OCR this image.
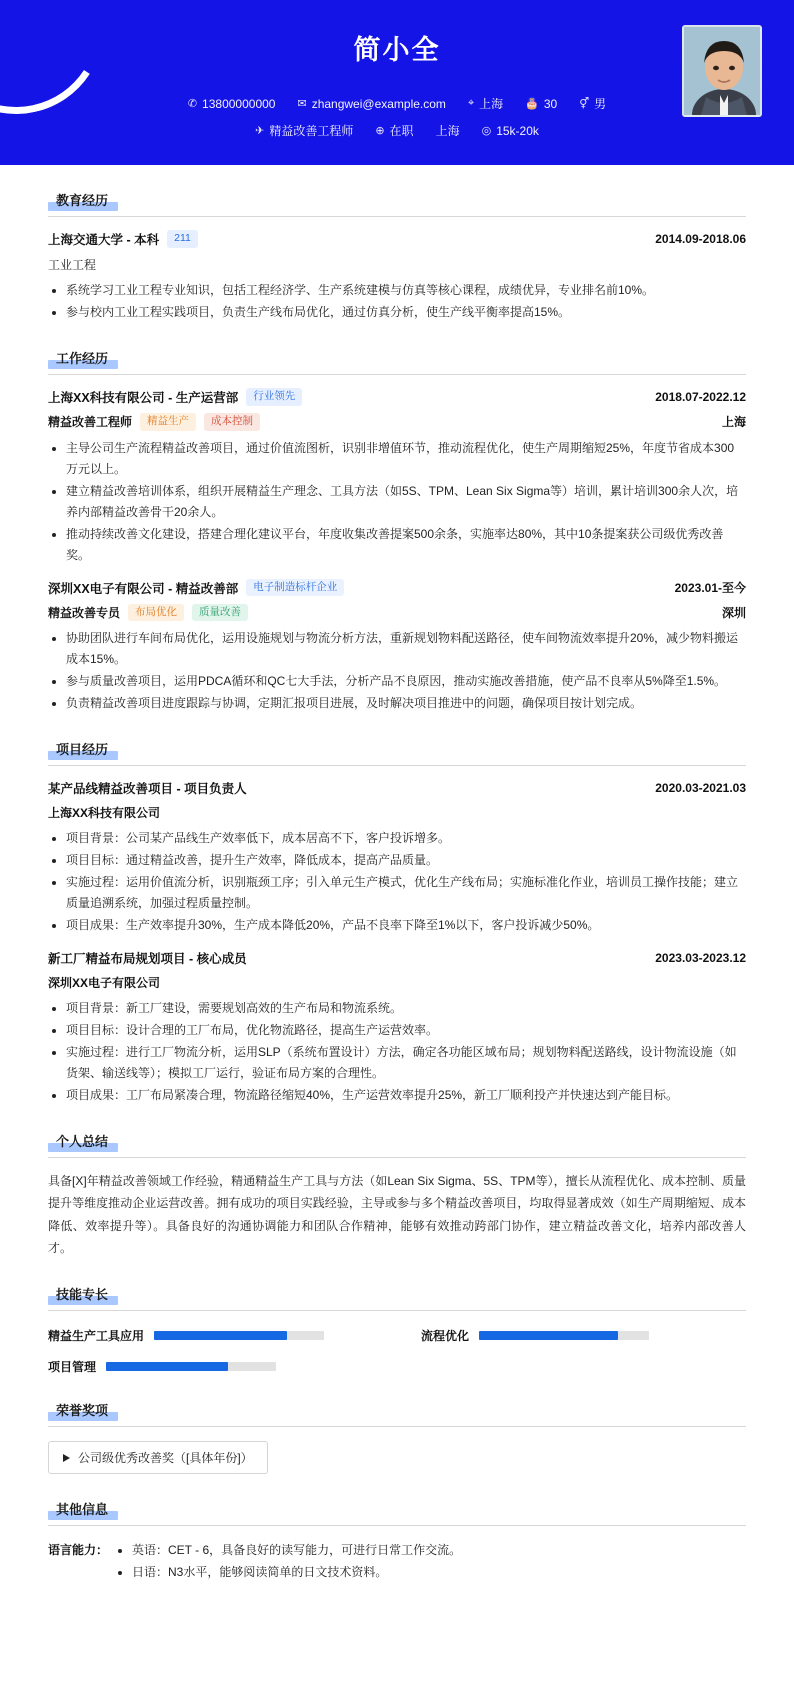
简小全
✆ 13800000000 ✉ zhangwei@example.com ⌖ 上海 🎂 30 ⚥ 男
✈ 精益改善工程师 ⊕ 在职 上海 ◎ 15k-20k
教育经历
上海交通大学 - 本科	211	2014.09-2018.06
工业工程
• 系统学习工业工程专业知识，包括工程经济学、生产系统建模与仿真等核心课程，成绩优异，专业排名前10%。
• 参与校内工业工程实践项目，负责生产线布局优化，通过仿真分析，使生产线平衡率提高15%。
工作经历
上海XX科技有限公司 - 生产运营部	行业领先	2018.07-2022.12
精益改善工程师	精益生产	成本控制	上海
• 主导公司生产流程精益改善项目，通过价值流图析，识别非增值环节，推动流程优化，使生产周期缩短25%，年度节省成本300万元以上。
• 建立精益改善培训体系，组织开展精益生产理念、工具方法（如5S、TPM、Lean Six Sigma等）培训，累计培训300余人次，培养内部精益改善骨干20余人。
• 推动持续改善文化建设，搭建合理化建议平台，年度收集改善提案500余条，实施率达80%，其中10条提案获公司级优秀改善奖。
深圳XX电子有限公司 - 精益改善部	电子制造标杆企业	2023.01-至今
精益改善专员	布局优化	质量改善	深圳
• 协助团队进行车间布局优化，运用设施规划与物流分析方法，重新规划物料配送路径，使车间物流效率提升20%，减少物料搬运成本15%。
• 参与质量改善项目，运用PDCA循环和QC七大手法，分析产品不良原因，推动实施改善措施，使产品不良率从5%降至1.5%。
• 负责精益改善项目进度跟踪与协调，定期汇报项目进展，及时解决项目推进中的问题，确保项目按计划完成。
项目经历
某产品线精益改善项目 - 项目负责人	2020.03-2021.03
上海XX科技有限公司
• 项目背景：公司某产品线生产效率低下，成本居高不下，客户投诉增多。
• 项目目标：通过精益改善，提升生产效率，降低成本，提高产品质量。
• 实施过程：运用价值流分析，识别瓶颈工序；引入单元生产模式，优化生产线布局；实施标准化作业，培训员工操作技能；建立质量追溯系统，加强过程质量控制。
• 项目成果：生产效率提升30%，生产成本降低20%，产品不良率下降至1%以下，客户投诉减少50%。
新工厂精益布局规划项目 - 核心成员	2023.03-2023.12
深圳XX电子有限公司
• 项目背景：新工厂建设，需要规划高效的生产布局和物流系统。
• 项目目标：设计合理的工厂布局，优化物流路径，提高生产运营效率。
• 实施过程：进行工厂物流分析，运用SLP（系统布置设计）方法，确定各功能区域布局；规划物料配送路线，设计物流设施（如货架、输送线等）；模拟工厂运行，验证布局方案的合理性。
• 项目成果：工厂布局紧凑合理，物流路径缩短40%，生产运营效率提升25%，新工厂顺利投产并快速达到产能目标。
个人总结
具备[X]年精益改善领域工作经验，精通精益生产工具与方法（如Lean Six Sigma、5S、TPM等），擅长从流程优化、成本控制、质量提升等维度推动企业运营改善。拥有成功的项目实践经验，主导或参与多个精益改善项目，均取得显著成效（如生产周期缩短、成本降低、效率提升等）。具备良好的沟通协调能力和团队合作精神，能够有效推动跨部门协作，建立精益改善文化，培养内部改善人才。
技能专长
精益生产工具应用	流程优化
项目管理
荣誉奖项
公司级优秀改善奖（[具体年份]）
其他信息
语言能力： • 英语：CET - 6，具备良好的读写能力，可进行日常工作交流。
• 日语：N3水平，能够阅读简单的日文技术资料。
